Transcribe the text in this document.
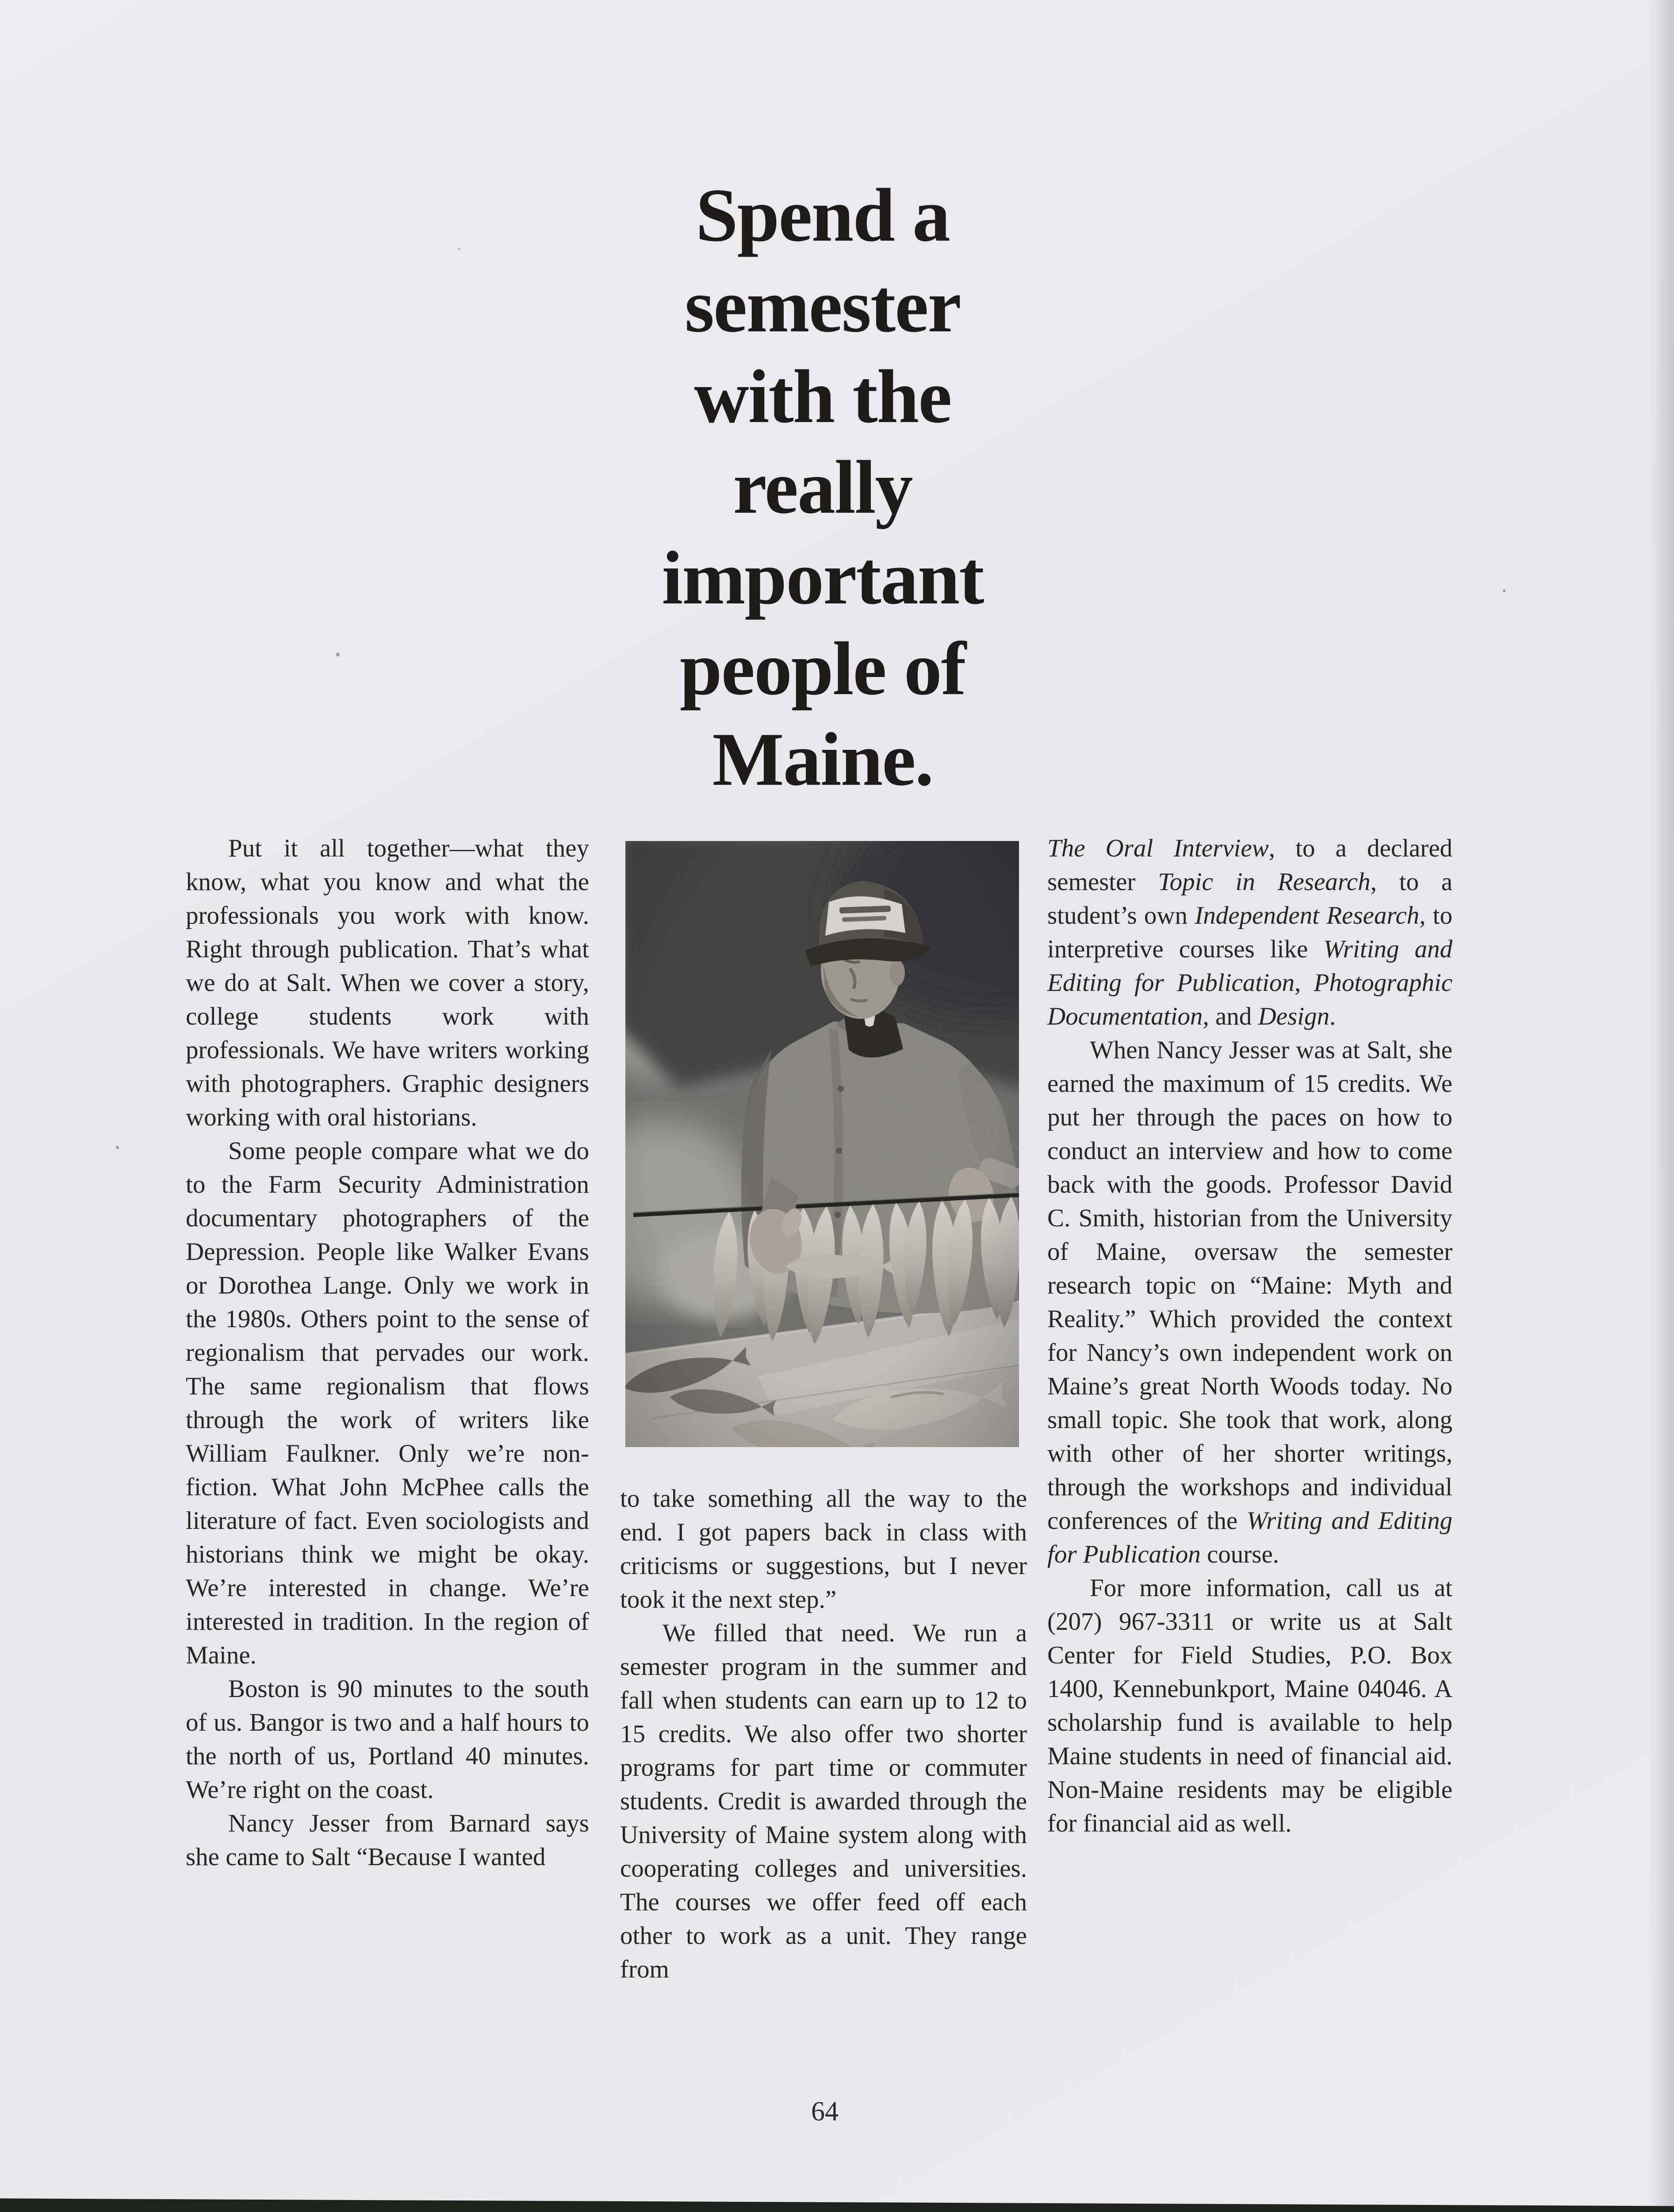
Spend a
semester
with the
really
important
people of
Maine.

Put it all together—what they know, what you know and what the professionals you work with know. Right through publication. That’s what we do at Salt. When we cover a story, college students work with professionals. We have writers working with photographers. Graphic designers working with oral historians.

Some people compare what we do to the Farm Security Administration documentary photographers of the Depression. People like Walker Evans or Dorothea Lange. Only we work in the 1980s. Others point to the sense of regionalism that pervades our work. The same regionalism that flows through the work of writers like William Faulkner. Only we’re non-fiction. What John McPhee calls the literature of fact. Even sociologists and historians think we might be okay. We’re interested in change. We’re interested in tradition. In the region of Maine.

Boston is 90 minutes to the south of us. Bangor is two and a half hours to the north of us, Portland 40 minutes. We’re right on the coast.

Nancy Jesser from Barnard says she came to Salt “Because I wanted

to take something all the way to the end. I got papers back in class with criticisms or suggestions, but I never took it the next step.”

We filled that need. We run a semester program in the summer and fall when students can earn up to 12 to 15 credits. We also offer two shorter programs for part time or commuter students. Credit is awarded through the University of Maine system along with cooperating colleges and universities. The courses we offer feed off each other to work as a unit. They range from

The Oral Interview, to a declared semester Topic in Research, to a student’s own Independent Research, to interpretive courses like Writing and Editing for Publication, Photographic Documentation, and Design.

When Nancy Jesser was at Salt, she earned the maximum of 15 credits. We put her through the paces on how to conduct an interview and how to come back with the goods. Professor David C. Smith, historian from the University of Maine, oversaw the semester research topic on “Maine: Myth and Reality.” Which provided the context for Nancy’s own independent work on Maine’s great North Woods today. No small topic. She took that work, along with other of her shorter writings, through the workshops and individual conferences of the Writing and Editing for Publication course.

For more information, call us at (207) 967-3311 or write us at Salt Center for Field Studies, P.O. Box 1400, Kennebunkport, Maine 04046. A scholarship fund is available to help Maine students in need of financial aid. Non-Maine residents may be eligible for financial aid as well.

64
